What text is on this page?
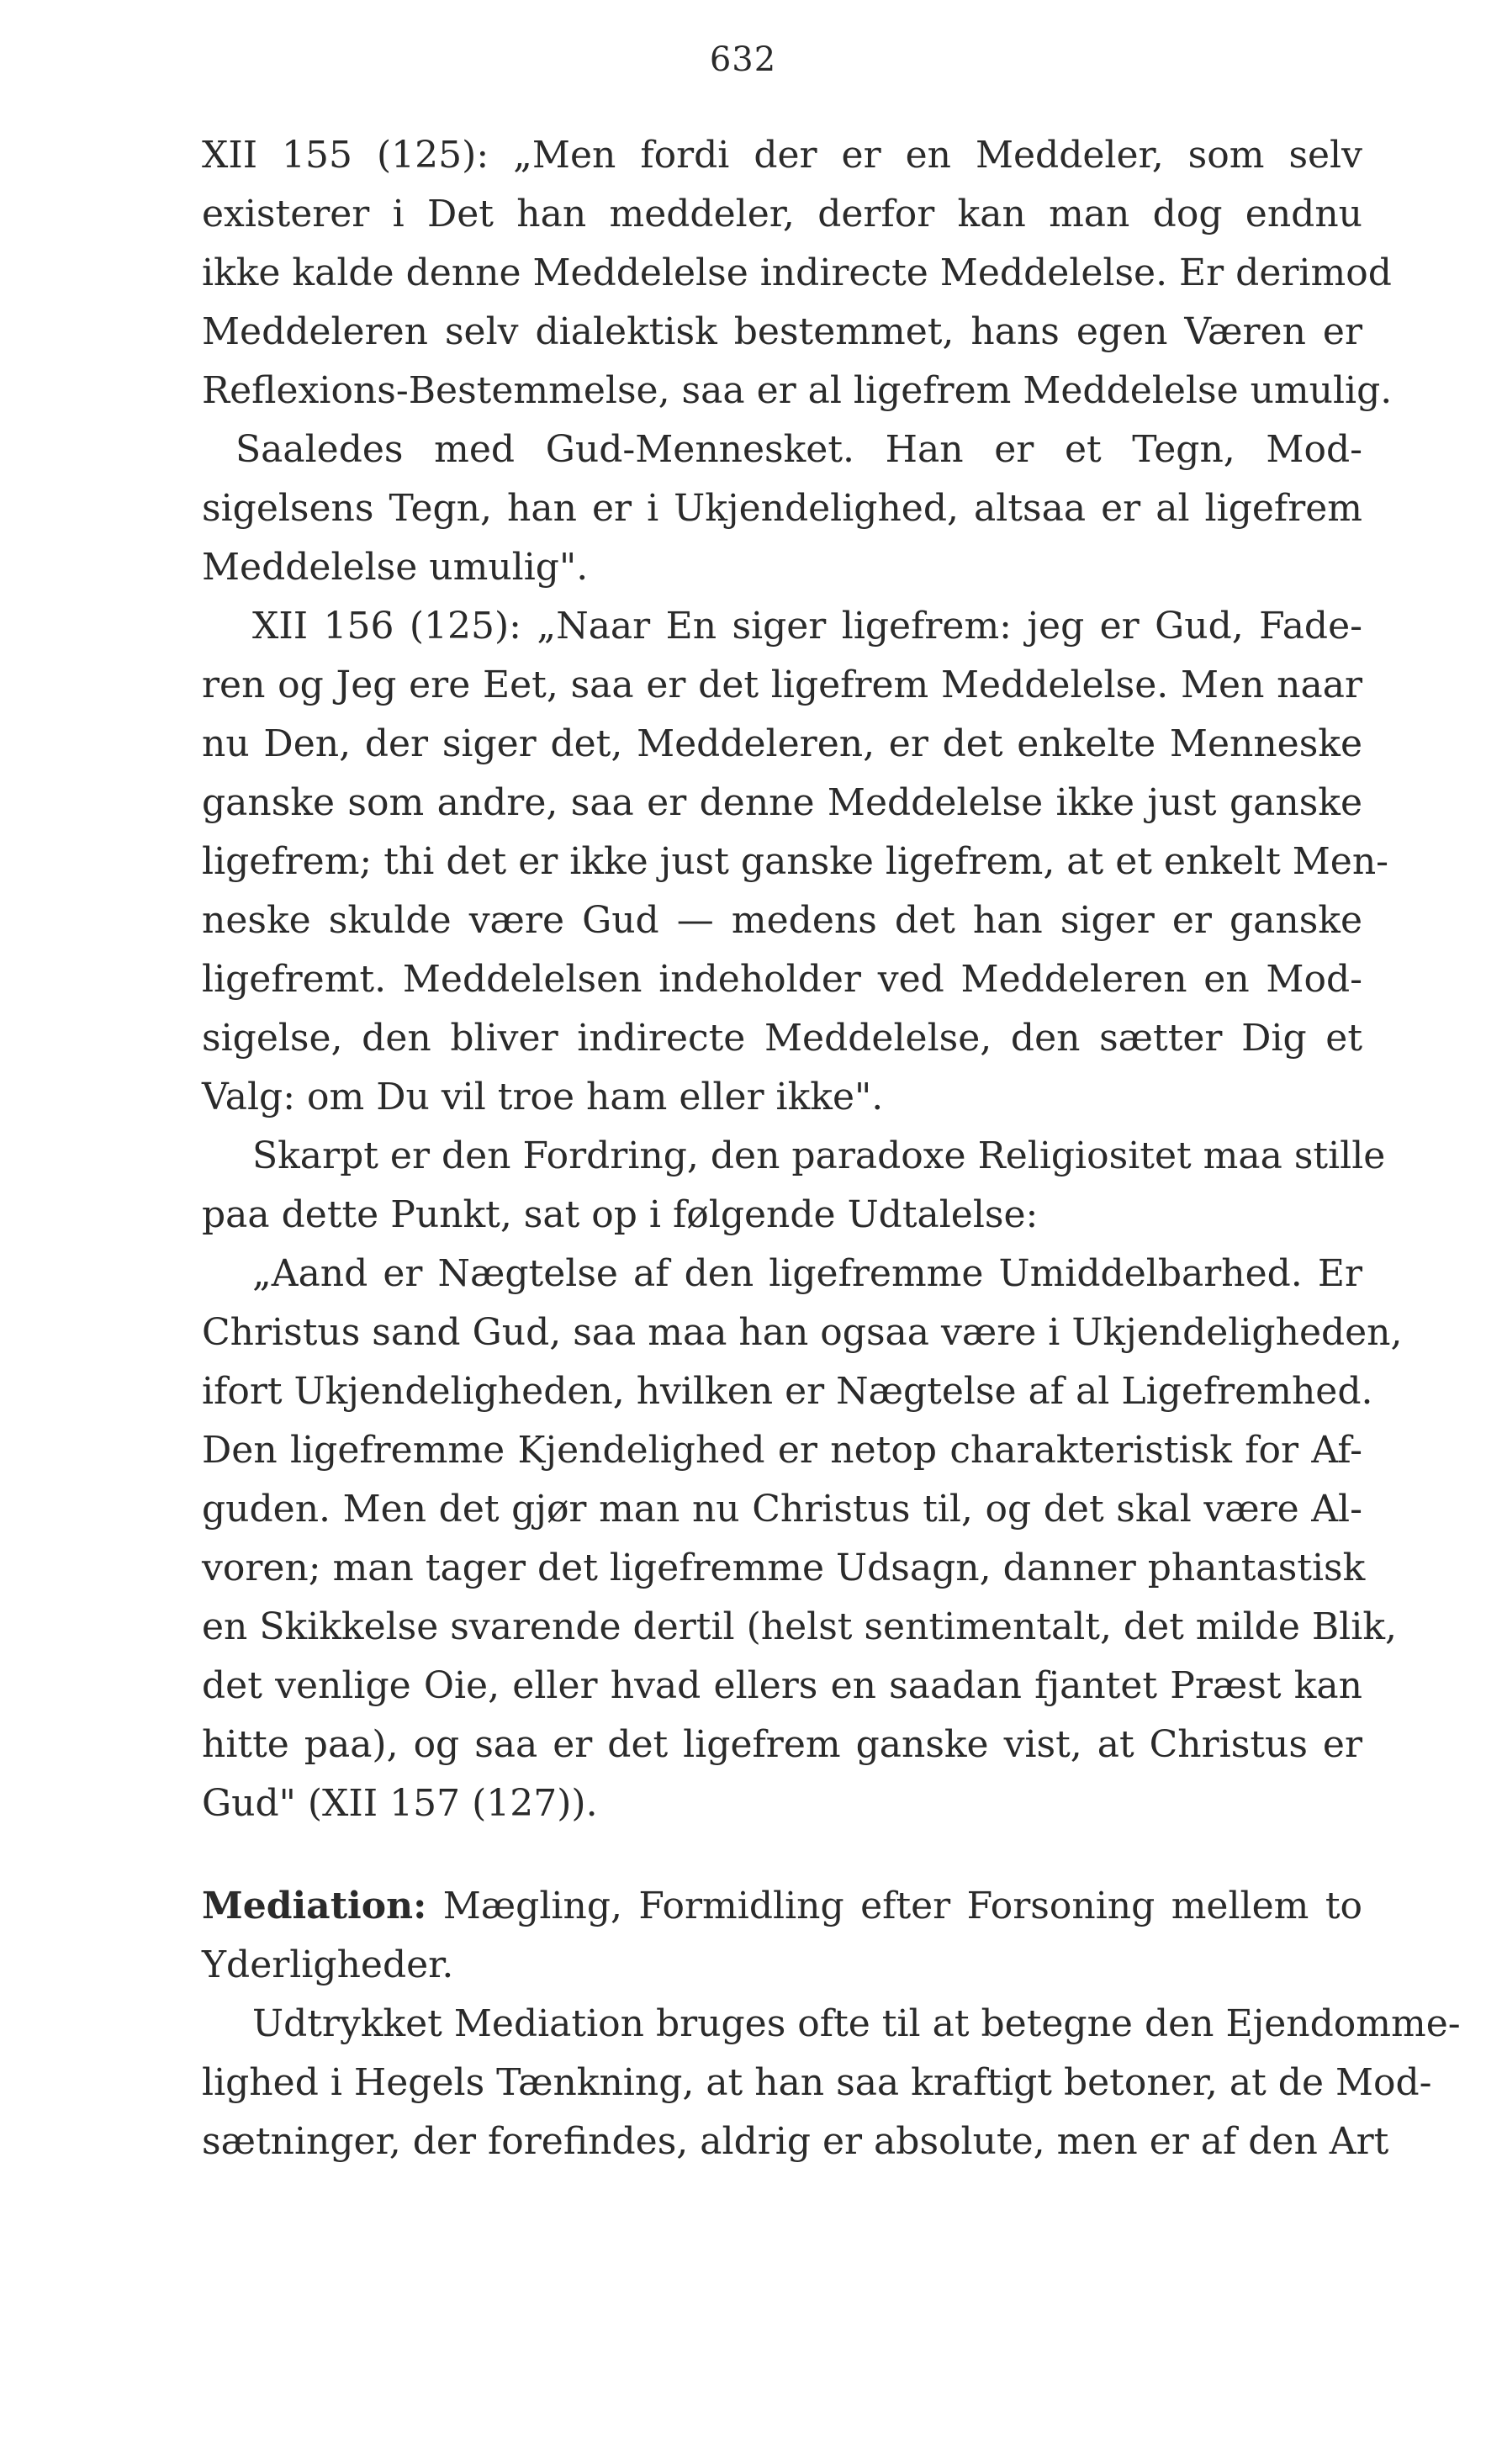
632
XII 155 (125): „Men fordi der er en Meddeler, som selv
existerer i Det han meddeler, derfor kan man dog endnu
ikke kalde denne Meddelelse indirecte Meddelelse. Er derimod
Meddeleren selv dialektisk bestemmet, hans egen Væren er
Reflexions-Bestemmelse, saa er al ligefrem Meddelelse umulig.
Saaledes med Gud-Mennesket. Han er et Tegn, Mod-
sigelsens Tegn, han er i Ukjendelighed, altsaa er al ligefrem
Meddelelse umulig".
XII 156 (125): „Naar En siger ligefrem: jeg er Gud, Fade-
ren og Jeg ere Eet, saa er det ligefrem Meddelelse. Men naar
nu Den, der siger det, Meddeleren, er det enkelte Menneske
ganske som andre, saa er denne Meddelelse ikke just ganske
ligefrem; thi det er ikke just ganske ligefrem, at et enkelt Men-
neske skulde være Gud — medens det han siger er ganske
ligefremt. Meddelelsen indeholder ved Meddeleren en Mod-
sigelse, den bliver indirecte Meddelelse, den sætter Dig et
Valg: om Du vil troe ham eller ikke".
Skarpt er den Fordring, den paradoxe Religiositet maa stille
paa dette Punkt, sat op i følgende Udtalelse:
„Aand er Nægtelse af den ligefremme Umiddelbarhed. Er
Christus sand Gud, saa maa han ogsaa være i Ukjendeligheden,
ifort Ukjendeligheden, hvilken er Nægtelse af al Ligefremhed.
Den ligefremme Kjendelighed er netop charakteristisk for Af-
guden. Men det gjør man nu Christus til, og det skal være Al-
voren; man tager det ligefremme Udsagn, danner phantastisk
en Skikkelse svarende dertil (helst sentimentalt, det milde Blik,
det venlige Oie, eller hvad ellers en saadan fjantet Præst kan
hitte paa), og saa er det ligefrem ganske vist, at Christus er
Gud" (XII 157 (127)).
Mediation: Mægling, Formidling efter Forsoning mellem to
Yderligheder.
Udtrykket Mediation bruges ofte til at betegne den Ejendomme-
lighed i Hegels Tænkning, at han saa kraftigt betoner, at de Mod-
sætninger, der forefindes, aldrig er absolute, men er af den Art
